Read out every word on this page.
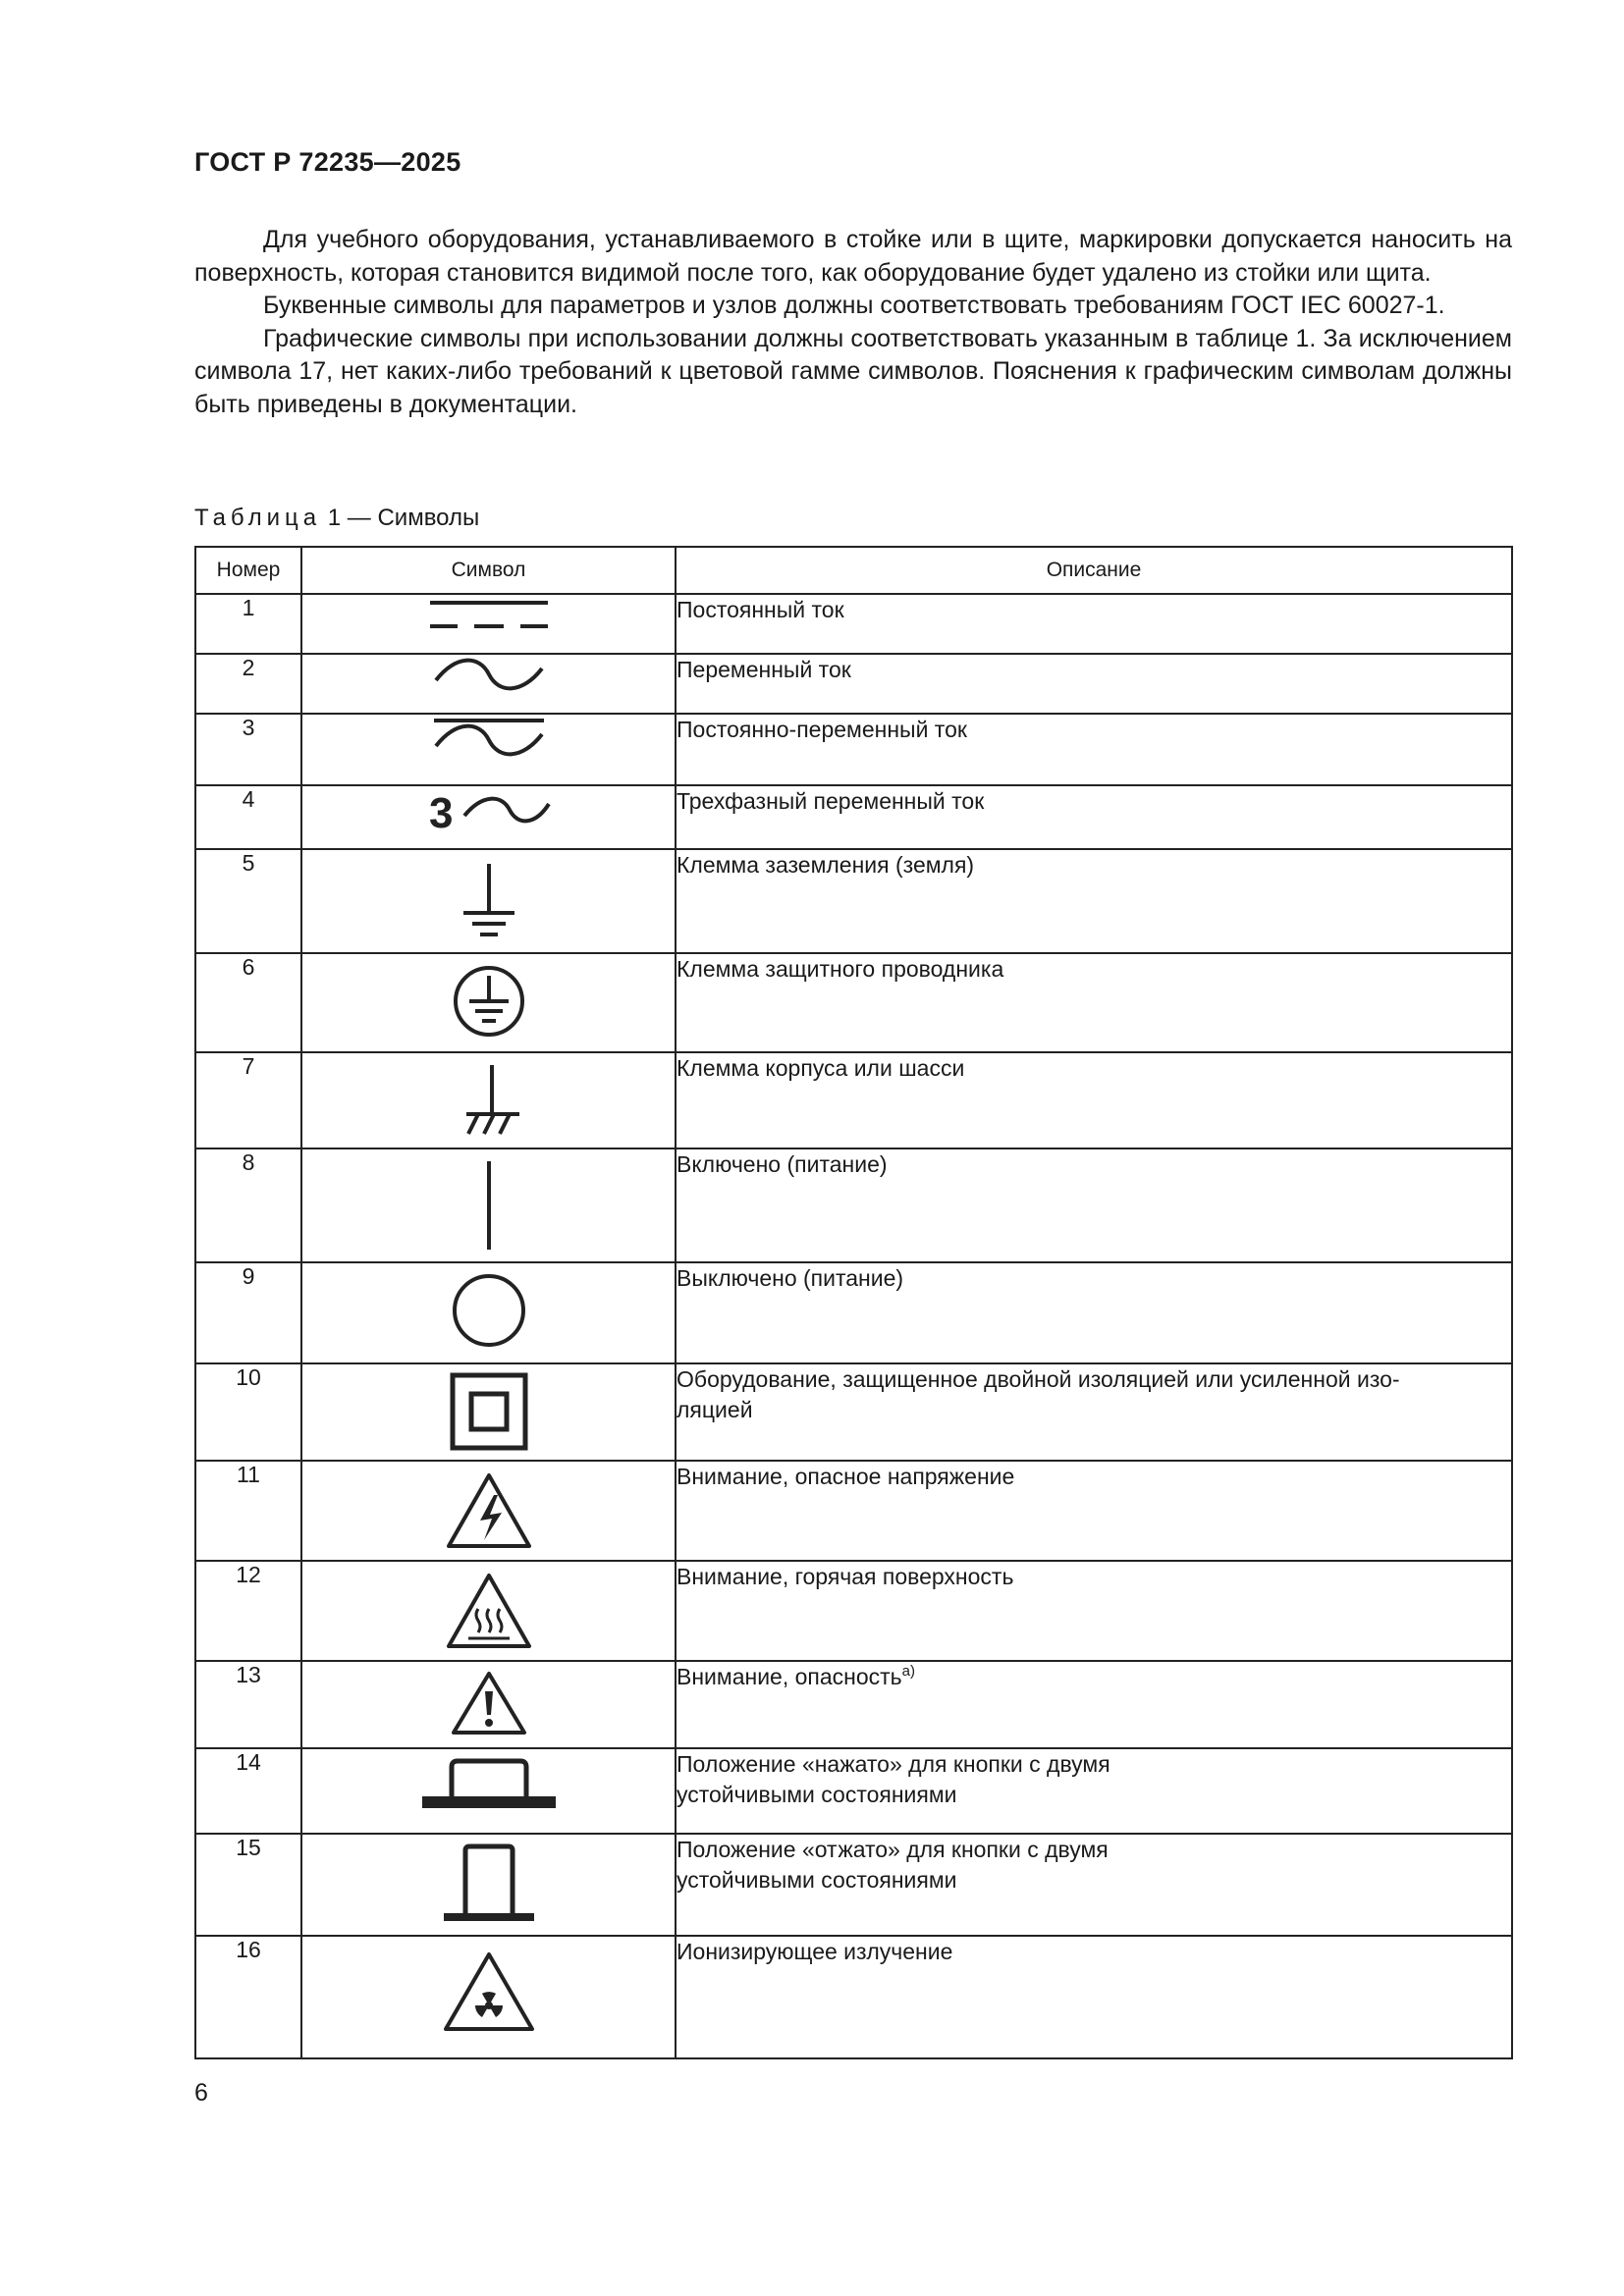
ГОСТ Р 72235—2025

Для учебного оборудования, устанавливаемого в стойке или в щите, маркировки допускается наносить на поверхность, которая становится видимой после того, как оборудование будет удалено из стойки или щита.

Буквенные символы для параметров и узлов должны соответствовать требованиям ГОСТ IEC 60027-1.

Графические символы при использовании должны соответствовать указанным в таблице 1. За исключением символа 17, нет каких-либо требований к цветовой гамме символов. Пояснения к графическим символам должны быть приведены в документации.

Таблица 1 — Символы
Номер	Символ	Описание
1		Постоянный ток
2		Переменный ток
3		Постоянно-переменный ток
4	3	Трехфазный переменный ток
5		Клемма заземления (земля)
6		Клемма защитного проводника
7		Клемма корпуса или шасси
8		Включено (питание)
9		Выключено (питание)
10		Оборудование, защищенное двойной изоляцией или усиленной изо-
ляцией
11		Внимание, опасное напряжение
12		Внимание, горячая поверхность
13		Внимание, опасность$^{а)}$
14		Положение «нажато» для кнопки с двумя
устойчивыми состояниями
15		Положение «отжато» для кнопки с двумя
устойчивыми состояниями
16		Ионизирующее излучение
6
